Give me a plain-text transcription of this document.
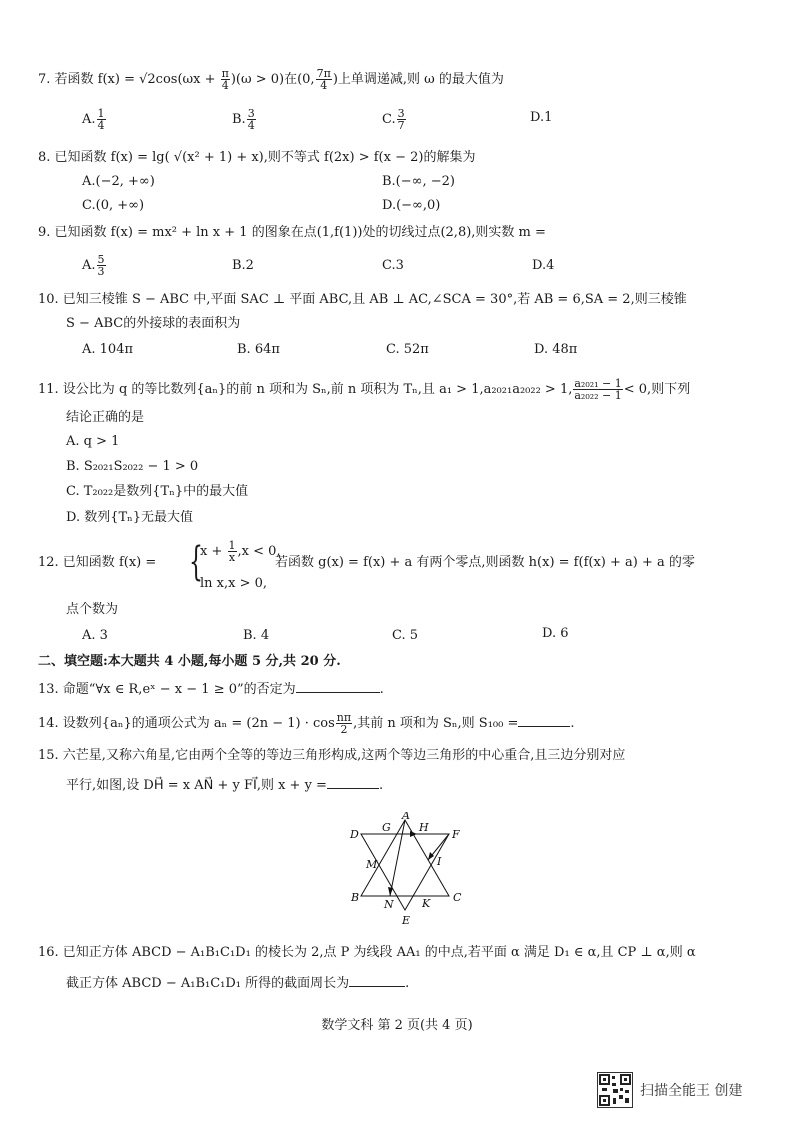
7. 若函数 $f(x) = √2\cos(\omega x + \frac{\pi}{4} )(\omega > 0)$在(0, $\frac{7\pi}{4}$ )上单调递减,则 ω 的最大值为
A. $\frac{1}{4}$	B. $\frac{3}{4}$	C. $\frac{3}{7}$	D.1
8. 已知函数 f(x) = lg( √(x² + 1) + x),则不等式 f(2x) > f(x − 2)的解集为
A.(−2, +∞)	B.(−∞, −2)
C.(0, +∞)	D.(−∞,0)
9. 已知函数 f(x) = mx² + ln x + 1 的图象在点(1,f(1))处的切线过点(2,8),则实数 m =
A. $\frac{5}{3}$	B.2	C.3	D.4
10. 已知三棱锥 S − ABC 中,平面 SAC ⊥ 平面 ABC,且 AB ⊥ AC,∠SCA = 30°,若 AB = 6,SA = 2,则三棱锥
S − ABC的外接球的表面积为
A. 104π	B. 64π	C. 52π	D. 48π
11. 设公比为 q 的等比数列{aₙ}的前 n 项和为 Sₙ,前 n 项积为 Tₙ,且 a₁ > 1,a₂₀₂₁a₂₀₂₂ > 1, $\frac{\text{a₂₀₂₁ − 1}}{\text{a₂₀₂₂ − 1}} < 0$,则下列
结论正确的是
A. q > 1
B. S₂₀₂₁S₂₀₂₂ − 1 > 0
C. T₂₀₂₂是数列{Tₙ}中的最大值
D. 数列{Tₙ}无最大值
12. 已知函数 f(x) = {
$x + \frac{1}{x} ,x < 0$,
ln x,x > 0,
若函数 g(x) = f(x) + a 有两个零点,则函数 h(x) = f(f(x) + a) + a 的零
点个数为
A. 3	B. 4	C. 5	D. 6
二、填空题:本大题共 4 小题,每小题 5 分,共 20 分.
13. 命题“∀x ∈ R,eˣ − x − 1 ≥ 0”的否定为	.
14. 设数列{aₙ}的通项公式为 $a_n = (2n - 1) \cdot \cos \frac{n\pi}{2}$ ,其前 n 项和为 Sₙ,则 S₁₀₀ =	.
15. 六芒星,又称六角星,它由两个全等的等边三角形构成,这两个等边三角形的中心重合,且三边分别对应
平行,如图,设 DH⃗ = x AN⃗ + y FI⃗,则 x + y =	.
A
D
G	H
F
M	I
B
N	K C
E
16. 已知正方体 ABCD − A₁B₁C₁D₁ 的棱长为 2,点 P 为线段 AA₁ 的中点,若平面 α 满足 D₁ ∈ α,且 CP ⊥ α,则 α
截正方体 ABCD − A₁B₁C₁D₁ 所得的截面周长为	.
数学文科 第 2 页(共 4 页)
扫描全能王 创建
